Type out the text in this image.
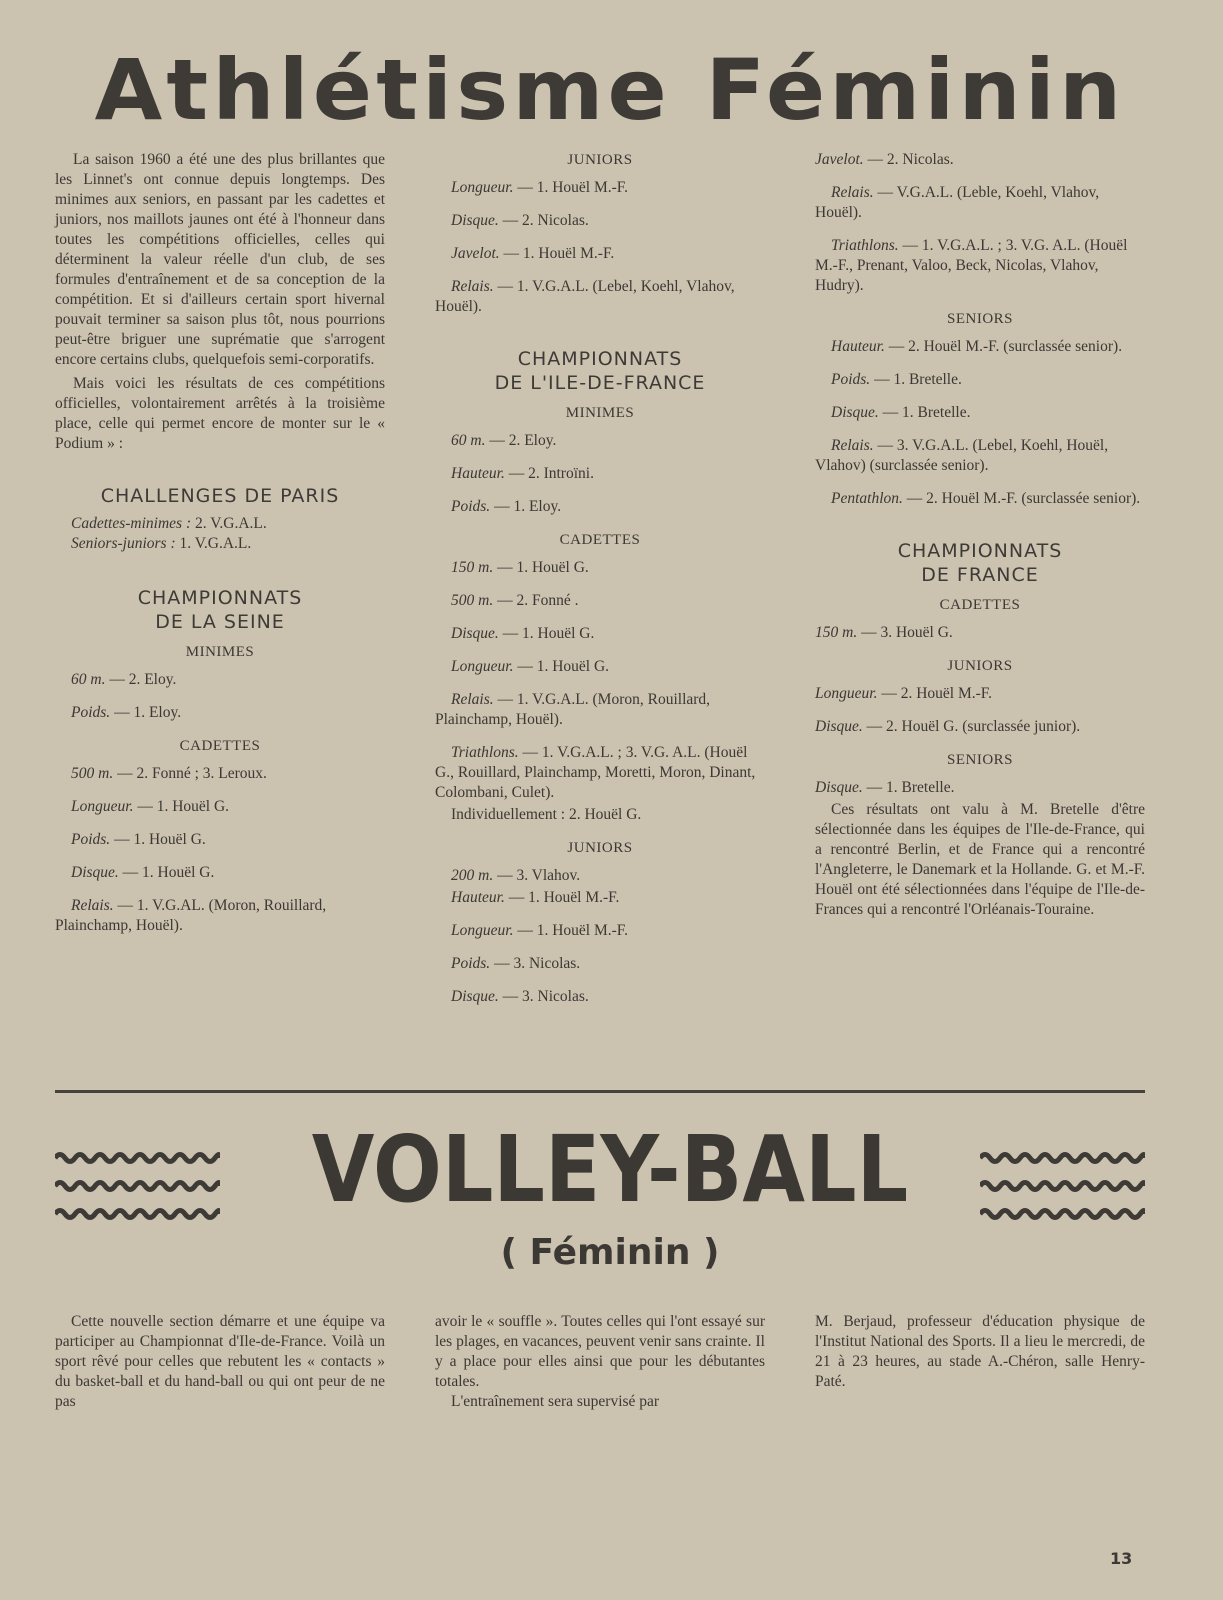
Athlétisme Féminin

La saison 1960 a été une des plus brillantes que les Linnet's ont connue depuis longtemps. Des minimes aux seniors, en passant par les cadettes et juniors, nos maillots jaunes ont été à l'honneur dans toutes les compétitions officielles, celles qui déterminent la valeur réelle d'un club, de ses formules d'entraînement et de sa conception de la compétition. Et si d'ailleurs certain sport hivernal pouvait terminer sa saison plus tôt, nous pourrions peut-être briguer une suprématie que s'arrogent encore certains clubs, quelquefois semi-corporatifs.

Mais voici les résultats de ces compétitions officielles, volontairement arrêtés à la troisième place, celle qui permet encore de monter sur le « Podium » :

CHALLENGES DE PARIS
Cadettes-minimes : 2. V.G.A.L.
Seniors-juniors : 1. V.G.A.L.
CHAMPIONNATS
DE LA SEINE
MINIMES
60 m. — 2. Eloy.
Poids. — 1. Eloy.
CADETTES
500 m. — 2. Fonné ; 3. Leroux.
Longueur. — 1. Houël G.
Poids. — 1. Houël G.
Disque. — 1. Houël G.
Relais. — 1. V.G.AL. (Moron, Rouillard, Plainchamp, Houël).
JUNIORS
Longueur. — 1. Houël M.-F.
Disque. — 2. Nicolas.
Javelot. — 1. Houël M.-F.
Relais. — 1. V.G.A.L. (Lebel, Koehl, Vlahov, Houël).
CHAMPIONNATS
DE L'ILE-DE-FRANCE
MINIMES
60 m. — 2. Eloy.
Hauteur. — 2. Introïni.
Poids. — 1. Eloy.
CADETTES
150 m. — 1. Houël G.
500 m. — 2. Fonné .
Disque. — 1. Houël G.
Longueur. — 1. Houël G.
Relais. — 1. V.G.A.L. (Moron, Rouillard, Plainchamp, Houël).
Triathlons. — 1. V.G.A.L. ; 3. V.G. A.L. (Houël G., Rouillard, Plainchamp, Moretti, Moron, Dinant, Colombani, Culet).
Individuellement : 2. Houël G.
JUNIORS
200 m. — 3. Vlahov.
Hauteur. — 1. Houël M.-F.
Longueur. — 1. Houël M.-F.
Poids. — 3. Nicolas.
Disque. — 3. Nicolas.
Javelot. — 2. Nicolas.
Relais. — V.G.A.L. (Leble, Koehl, Vlahov, Houël).
Triathlons. — 1. V.G.A.L. ; 3. V.G. A.L. (Houël M.-F., Prenant, Valoo, Beck, Nicolas, Vlahov, Hudry).
SENIORS
Hauteur. — 2. Houël M.-F. (surclassée senior).
Poids. — 1. Bretelle.
Disque. — 1. Bretelle.
Relais. — 3. V.G.A.L. (Lebel, Koehl, Houël, Vlahov) (surclassée senior).
Pentathlon. — 2. Houël M.-F. (surclassée senior).
CHAMPIONNATS
DE FRANCE
CADETTES
150 m. — 3. Houël G.
JUNIORS
Longueur. — 2. Houël M.-F.
Disque. — 2. Houël G. (surclassée junior).
SENIORS
Disque. — 1. Bretelle.

Ces résultats ont valu à M. Bretelle d'être sélectionnée dans les équipes de l'Ile-de-France, qui a rencontré Berlin, et de France qui a rencontré l'Angleterre, le Danemark et la Hollande. G. et M.-F. Houël ont été sélectionnées dans l'équipe de l'Ile-de-Frances qui a rencontré l'Orléanais-Touraine.

VOLLEY-BALL
( Féminin )

Cette nouvelle section démarre et une équipe va participer au Championnat d'Ile-de-France. Voilà un sport rêvé pour celles que rebutent les « contacts » du basket-ball et du hand-ball ou qui ont peur de ne pas

avoir le « souffle ». Toutes celles qui l'ont essayé sur les plages, en vacances, peuvent venir sans crainte. Il y a place pour elles ainsi que pour les débutantes totales.

L'entraînement sera supervisé par

M. Berjaud, professeur d'éducation physique de l'Institut National des Sports. Il a lieu le mercredi, de 21 à 23 heures, au stade A.-Chéron, salle Henry-Paté.

13
